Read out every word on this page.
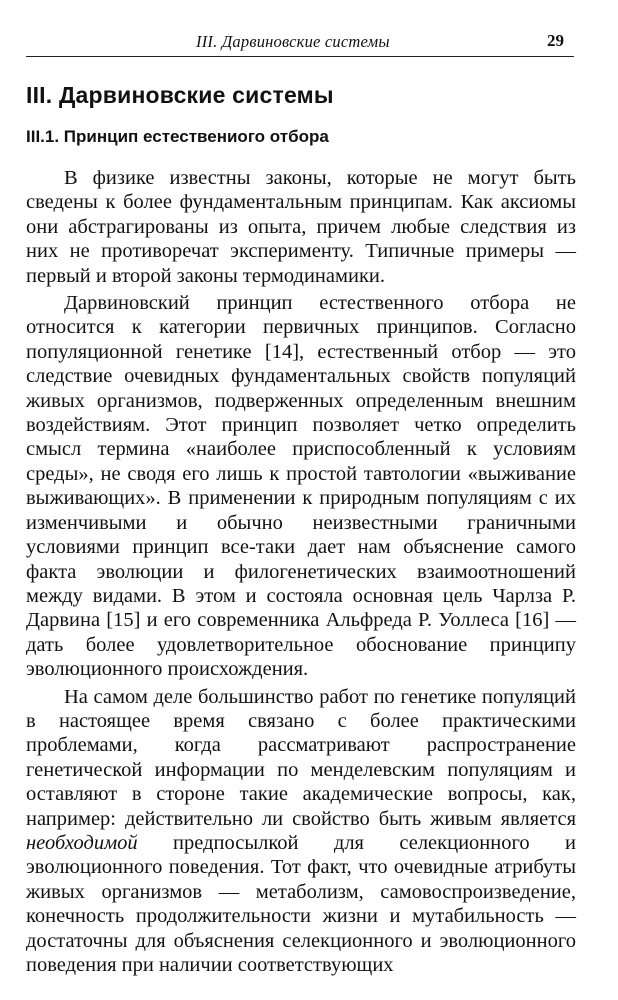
III. Дарвиновские системы	29
III. Дарвиновские системы
III.1. Принцип естествениого отбора

В физике известны законы, которые не могут быть сведены к более фундаментальным принципам. Как аксиомы они абстрагированы из опыта, причем любые следствия из них не противоречат эксперименту. Типичные примеры — первый и второй законы термодинамики.

Дарвиновский принцип естественного отбора не относится к категории первичных принципов. Согласно популяционной генетике [14], естественный отбор — это следствие очевидных фундаментальных свойств популяций живых организмов, подверженных определенным внешним воздействиям. Этот принцип позволяет четко определить смысл термина «наиболее приспособленный к условиям среды», не сводя его лишь к простой тавтологии «выживание выживающих». В применении к природным популяциям с их изменчивыми и обычно неизвестными граничными условиями принцип все-таки дает нам объяснение самого факта эволюции и филогенетических взаимоотношений между видами. В этом и состояла основная цель Чарлза Р. Дарвина [15] и его современника Альфреда Р. Уоллеса [16] — дать более удовлетворительное обоснование принципу эволюционного происхождения.

На самом деле большинство работ по генетике популяций в настоящее время связано с более практическими проблемами, когда рассматривают распространение генетической информации по менделевским популяциям и оставляют в стороне такие академические вопросы, как, например: действительно ли свойство быть живым является необходимой предпосылкой для селекционного и эволюционного поведения. Тот факт, что очевидные атрибуты живых организмов — метаболизм, самовоспроизведение, конечность продолжительности жизни и мутабильность — достаточны для объяснения селекционного и эволюционного поведения при наличии соответствующих
